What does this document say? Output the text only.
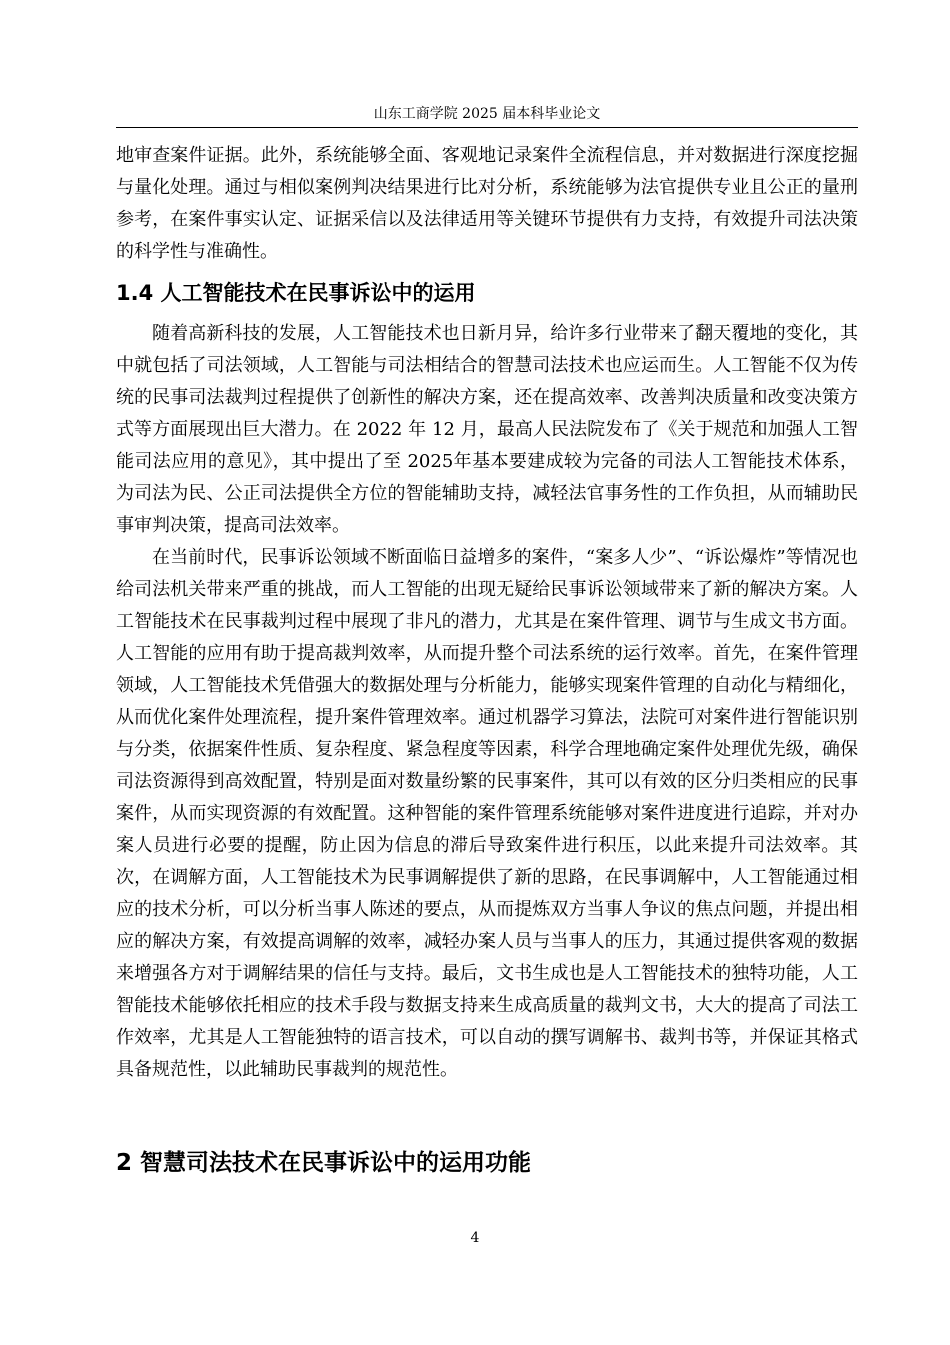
山东工商学院 2025 届本科毕业论文

地审查案件证据。此外，系统能够全面、客观地记录案件全流程信息，并对数据进行深度挖掘与量化处理。通过与相似案例判决结果进行比对分析，系统能够为法官提供专业且公正的量刑参考，在案件事实认定、证据采信以及法律适用等关键环节提供有力支持，有效提升司法决策的科学性与准确性。

1.4 人工智能技术在民事诉讼中的运用

随着高新科技的发展，人工智能技术也日新月异，给许多行业带来了翻天覆地的变化，其中就包括了司法领域，人工智能与司法相结合的智慧司法技术也应运而生。人工智能不仅为传统的民事司法裁判过程提供了创新性的解决方案，还在提高效率、改善判决质量和改变决策方式等方面展现出巨大潜力。在 2022 年 12 月，最高人民法院发布了《关于规范和加强人工智能司法应用的意见》，其中提出了至 2025年基本要建成较为完备的司法人工智能技术体系，为司法为民、公正司法提供全方位的智能辅助支持，减轻法官事务性的工作负担，从而辅助民事审判决策，提高司法效率。

在当前时代，民事诉讼领域不断面临日益增多的案件，“案多人少”、“诉讼爆炸”等情况也给司法机关带来严重的挑战，而人工智能的出现无疑给民事诉讼领域带来了新的解决方案。人工智能技术在民事裁判过程中展现了非凡的潜力，尤其是在案件管理、调节与生成文书方面。人工智能的应用有助于提高裁判效率，从而提升整个司法系统的运行效率。首先，在案件管理领域，人工智能技术凭借强大的数据处理与分析能力，能够实现案件管理的自动化与精细化，从而优化案件处理流程，提升案件管理效率。通过机器学习算法，法院可对案件进行智能识别与分类，依据案件性质、复杂程度、紧急程度等因素，科学合理地确定案件处理优先级，确保司法资源得到高效配置，特别是面对数量纷繁的民事案件，其可以有效的区分归类相应的民事案件，从而实现资源的有效配置。这种智能的案件管理系统能够对案件进度进行追踪，并对办案人员进行必要的提醒，防止因为信息的滞后导致案件进行积压，以此来提升司法效率。其次，在调解方面，人工智能技术为民事调解提供了新的思路，在民事调解中，人工智能通过相应的技术分析，可以分析当事人陈述的要点，从而提炼双方当事人争议的焦点问题，并提出相应的解决方案，有效提高调解的效率，减轻办案人员与当事人的压力，其通过提供客观的数据来增强各方对于调解结果的信任与支持。最后，文书生成也是人工智能技术的独特功能，人工智能技术能够依托相应的技术手段与数据支持来生成高质量的裁判文书，大大的提高了司法工作效率，尤其是人工智能独特的语言技术，可以自动的撰写调解书、裁判书等，并保证其格式具备规范性，以此辅助民事裁判的规范性。

2 智慧司法技术在民事诉讼中的运用功能
4
